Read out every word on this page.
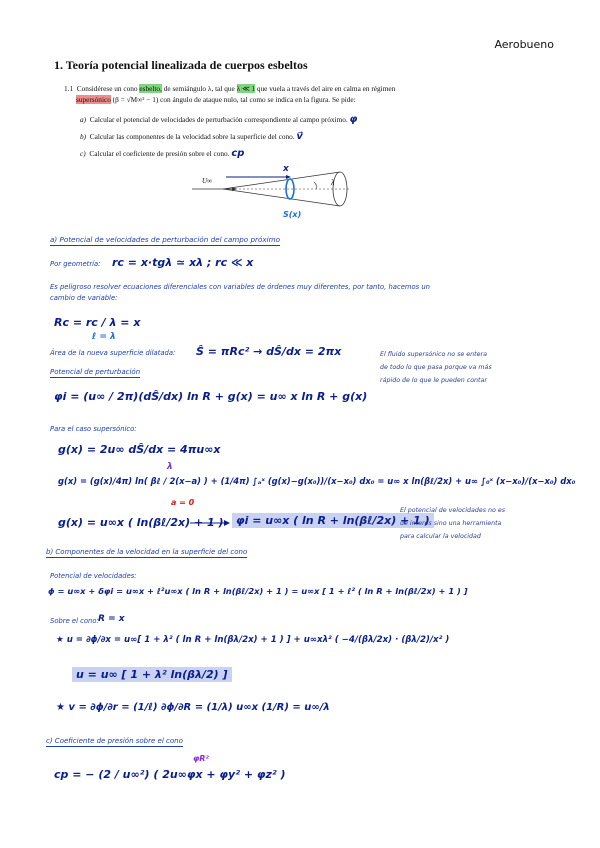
Aerobueno
1. Teoría potencial linealizada de cuerpos esbeltos
1.1 Considérese un cono esbelto, de semiángulo λ, tal que λ ≪ 1 que vuela a través del aire en calma en régimen
supersónico (β = √M∞² − 1) con ángulo de ataque nulo, tal como se indica en la figura. Se pide:
a) Calcular el potencial de velocidades de perturbación correspondiente al campo próximo. φ
b) Calcular las componentes de la velocidad sobre la superficie del cono. v⃗
c) Calcular el coeficiente de presión sobre el cono. cp
U∞
x
λ
S(x)
a) Potencial de velocidades de perturbación del campo próximo
Por geometría: rc = x·tgλ ≃ xλ ; rc ≪ x
Es peligroso resolver ecuaciones diferenciales con variables de órdenes muy diferentes, por tanto, hacemos un
cambio de variable:
Rc = rc / λ = x
ℓ = λ
Área de la nueva superficie dilatada: Ŝ = πRc² → dŜ/dx = 2πx	El fluido supersónico no se entera
de todo lo que pasa porque va más
rápido de lo que le pueden contar
Potencial de perturbación
φi = (u∞ / 2π)(dŜ/dx) ln R + g(x) = u∞ x ln R + g(x)
Para el caso supersónico:
g(x) = 2u∞ dŜ/dx = 4πu∞x
g(x) = (g(x)/4π) ln( βℓ / 2(x−a) ) + (1/4π) ∫ₐˣ (g(x)−g(x₀))/(x−x₀) dx₀ = u∞ x ln(βℓ/2x) + u∞ ∫₀ˣ (x−x₀)/(x−x₀) dx₀
λ
a = 0
g(x) = u∞x ( ln(βℓ/2x) + 1 )	φi = u∞x ( ln R + ln(βℓ/2x) + 1 )
El potencial de velocidades no es
de interés sino una herramienta
para calcular la velocidad
b) Componentes de la velocidad en la superficie del cono
Potencial de velocidades:
ϕ = u∞x + δφi = u∞x + ℓ²u∞x ( ln R + ln(βℓ/2x) + 1 ) = u∞x [ 1 + ℓ² ( ln R + ln(βℓ/2x) + 1 ) ]
Sobre el cono: R = x
★ u = ∂ϕ/∂x = u∞[ 1 + λ² ( ln R + ln(βλ/2x) + 1 ) ] + u∞xλ² ( −4/(βλ/2x) · (βλ/2)/x² )
u = u∞ [ 1 + λ² ln(βλ/2) ]
★ v = ∂ϕ/∂r = (1/ℓ) ∂ϕ/∂R = (1/λ) u∞x (1/R) = u∞/λ
c) Coeficiente de presión sobre el cono
φR²
cp = − (2 / u∞²) ( 2u∞φx + φy² + φz² )
